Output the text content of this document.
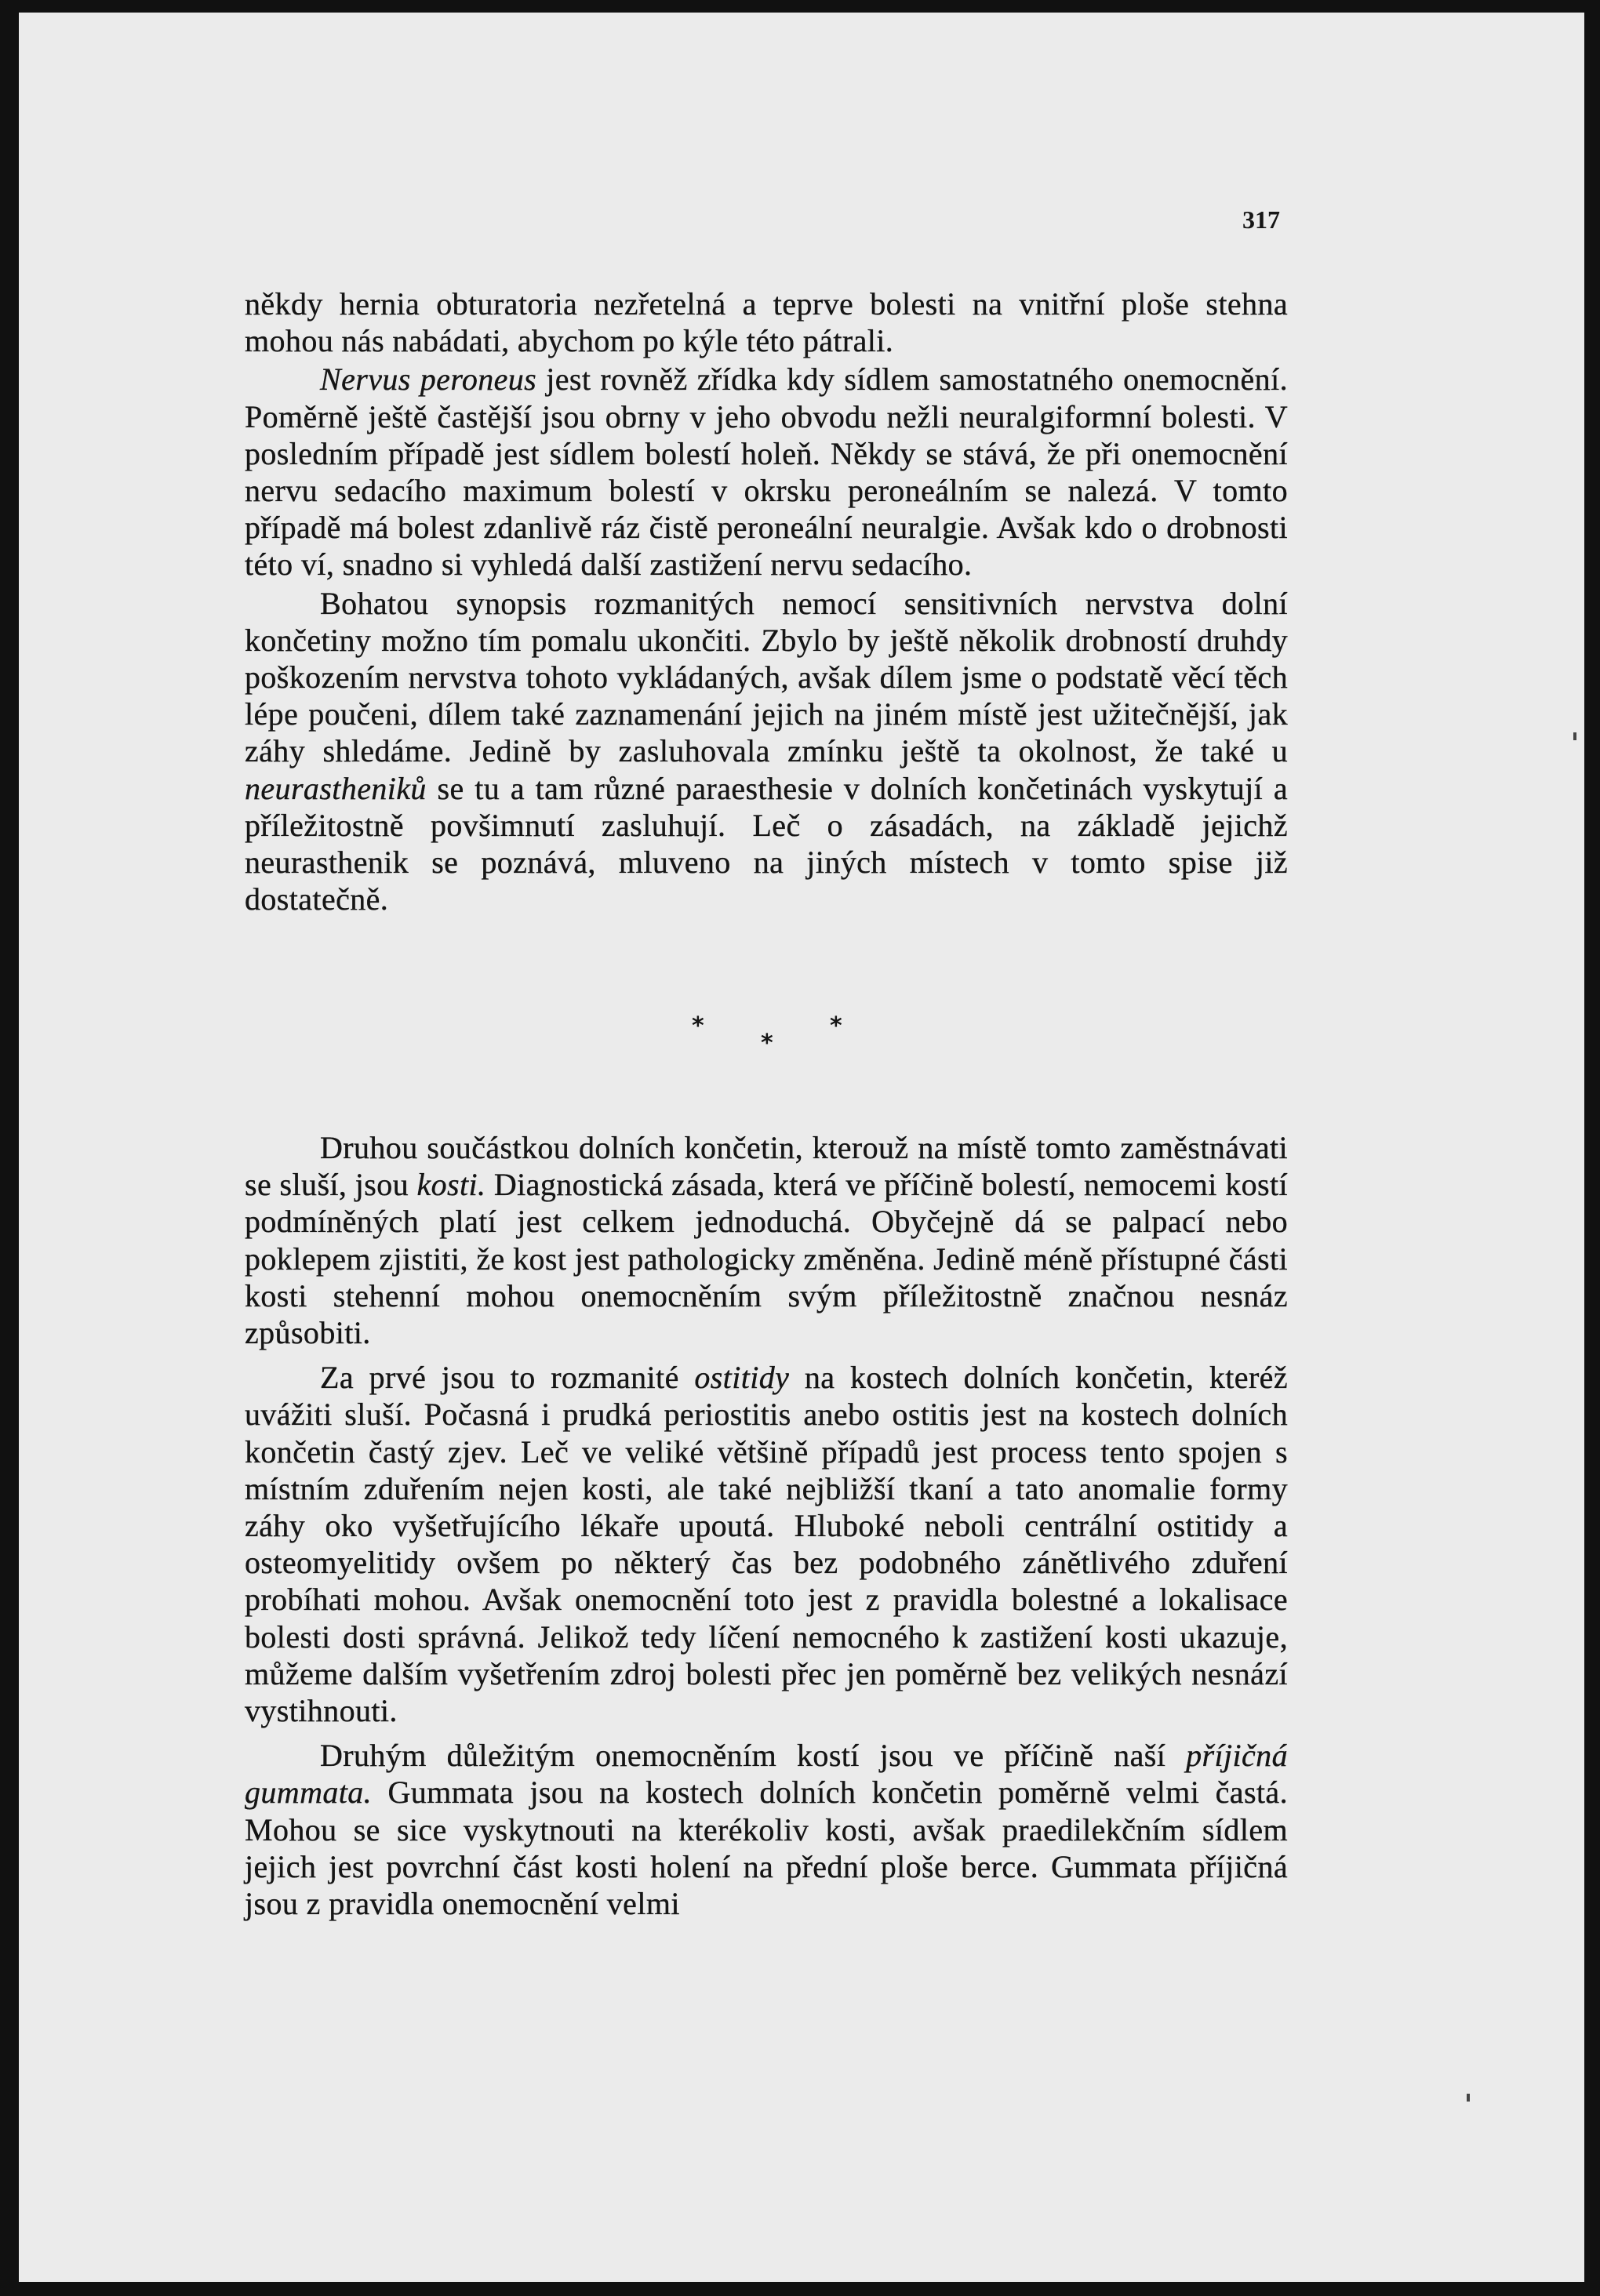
317

někdy hernia obturatoria nezřetelná a teprve bolesti na vnitřní ploše stehna mohou nás nabádati, abychom po kýle této pátrali.

Nervus peroneus jest rovněž zřídka kdy sídlem samostatného onemocnění. Poměrně ještě častější jsou obrny v jeho obvodu nežli neuralgiformní bolesti. V posledním případě jest sídlem bolestí holeň. Někdy se stává, že při onemocnění nervu sedacího maximum bolestí v okrsku peroneálním se nalezá. V tomto případě má bolest zdanlivě ráz čistě peroneální neuralgie. Avšak kdo o drobnosti této ví, snadno si vyhledá další zastižení nervu sedacího.

Bohatou synopsis rozmanitých nemocí sensitivních nervstva dolní končetiny možno tím pomalu ukončiti. Zbylo by ještě několik drobností druhdy poškozením nervstva tohoto vykládaných, avšak dílem jsme o podstatě věcí těch lépe poučeni, dílem také zaznamenání jejich na jiném místě jest užitečnější, jak záhy shledáme. Jedině by zasluhovala zmínku ještě ta okolnost, že také u neurastheniků se tu a tam různé paraesthesie v dolních končetinách vyskytují a příležitostně povšimnutí zasluhují. Leč o zásadách, na základě jejichž neurasthenik se poznává, mluveno na jiných místech v tomto spise již dostatečně.

*	*
*

Druhou součástkou dolních končetin, kterouž na místě tomto zaměstnávati se sluší, jsou kosti. Diagnostická zásada, která ve příčině bolestí, nemocemi kostí podmíněných platí jest celkem jednoduchá. Obyčejně dá se palpací nebo poklepem zjistiti, že kost jest pathologicky změněna. Jedině méně přístupné části kosti stehenní mohou onemocněním svým příležitostně značnou nesnáz způsobiti.

Za prvé jsou to rozmanité ostitidy na kostech dolních končetin, kteréž uvážiti sluší. Počasná i prudká periostitis anebo ostitis jest na kostech dolních končetin častý zjev. Leč ve veliké většině případů jest process tento spojen s místním zduřením nejen kosti, ale také nejbližší tkaní a tato anomalie formy záhy oko vyšetřujícího lékaře upoutá. Hluboké neboli centrální ostitidy a osteomyelitidy ovšem po některý čas bez podobného zánětlivého zduření probíhati mohou. Avšak onemocnění toto jest z pravidla bolestné a lokalisace bolesti dosti správná. Jelikož tedy líčení nemocného k zastižení kosti ukazuje, můžeme dalším vyšetřením zdroj bolesti přec jen poměrně bez velikých nesnází vystihnouti.

Druhým důležitým onemocněním kostí jsou ve příčině naší příjičná gummata. Gummata jsou na kostech dolních končetin poměrně velmi častá. Mohou se sice vyskytnouti na kterékoliv kosti, avšak praedilekčním sídlem jejich jest povrchní část kosti holení na přední ploše berce. Gummata příjičná jsou z pravidla onemocnění velmi
